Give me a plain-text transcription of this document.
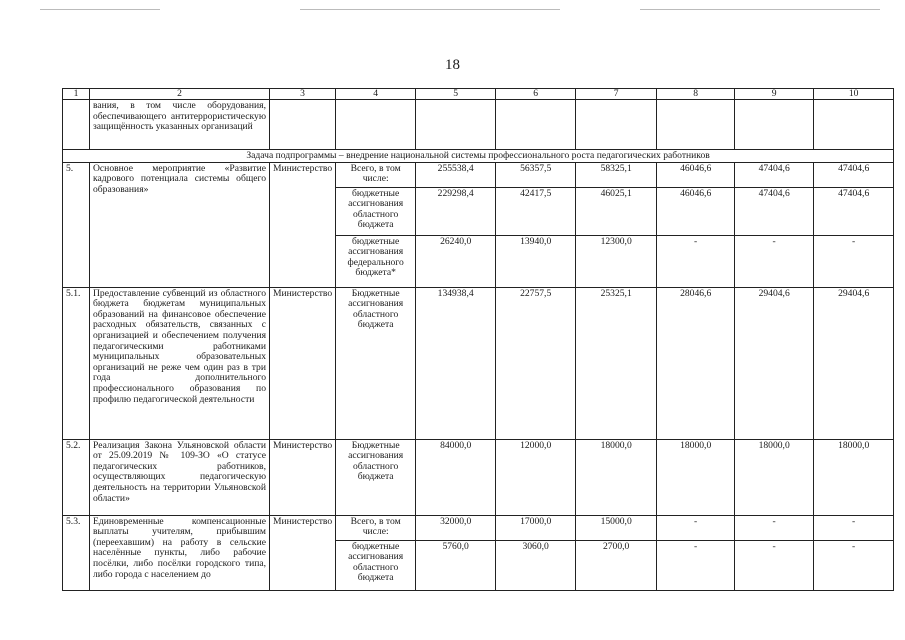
18
1	2	3	4	5	6	7	8	9	10
	вания, в том числе оборудования, обеспечивающего антитеррористическую защищённость указанных организаций								
Задача подпрограммы – внедрение национальной системы профессионального роста педагогических работников									
5.	Основное мероприятие «Развитие кадрового потенциала системы общего образования»	Министерство	Всего, в том числе:	255538,4	56357,5	58325,1	46046,6	47404,6	47404,6
			бюджетные ассигнования областного бюджета	229298,4	42417,5	46025,1	46046,6	47404,6	47404,6
			бюджетные ассигнования федерального бюджета*	26240,0	13940,0	12300,0	-	-	-
5.1.	Предоставление субвенций из областного бюджета бюджетам муниципальных образований на финансовое обеспечение расходных обязательств, связанных с организацией и обеспечением получения педагогическими работниками муниципальных образовательных организаций не реже чем один раз в три года дополнительного профессионального образования по профилю педагогической деятельности	Министерство	Бюджетные ассигнования областного бюджета	134938,4	22757,5	25325,1	28046,6	29404,6	29404,6
5.2.	Реализация Закона Ульяновской области от 25.09.2019 № 109-ЗО «О статусе педагогических работников, осуществляющих педагогическую деятельность на территории Ульяновской области»	Министерство	Бюджетные ассигнования областного бюджета	84000,0	12000,0	18000,0	18000,0	18000,0	18000,0
5.3.	Единовременные компенсационные выплаты учителям, прибывшим (переехавшим) на работу в сельские населённые пункты, либо рабочие посёлки, либо посёлки городского типа, либо города с населением до	Министерство	Всего, в том числе:	32000,0	17000,0	15000,0	-	-	-
			бюджетные ассигнования областного бюджета	5760,0	3060,0	2700,0	-	-	-
